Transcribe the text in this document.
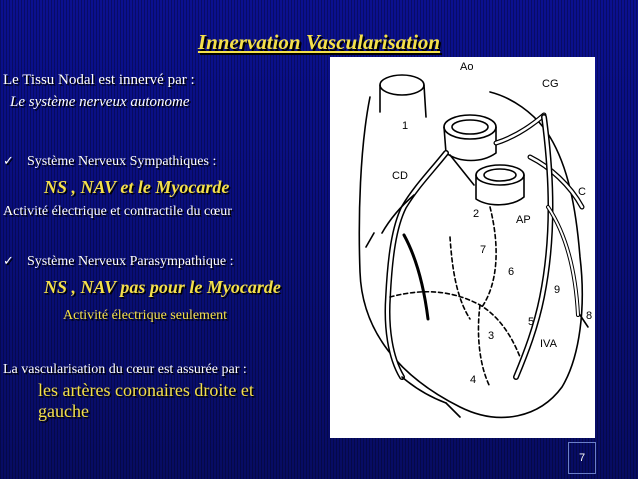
Innervation Vascularisation
Le Tissu Nodal est innervé par :
Le système nerveux autonome
✓ Système Nerveux Sympathiques :
NS , NAV et le Myocarde
Activité électrique et contractile du cœur
✓ Système Nerveux Parasympathique :
NS , NAV pas pour le Myocarde
Activité électrique seulement
La vascularisation du cœur est assurée par :
les artères coronaires droite et
gauche
Ao
CG
CD
AP
C
IVA
1
2
3
4
5
6
7
8
9
7
